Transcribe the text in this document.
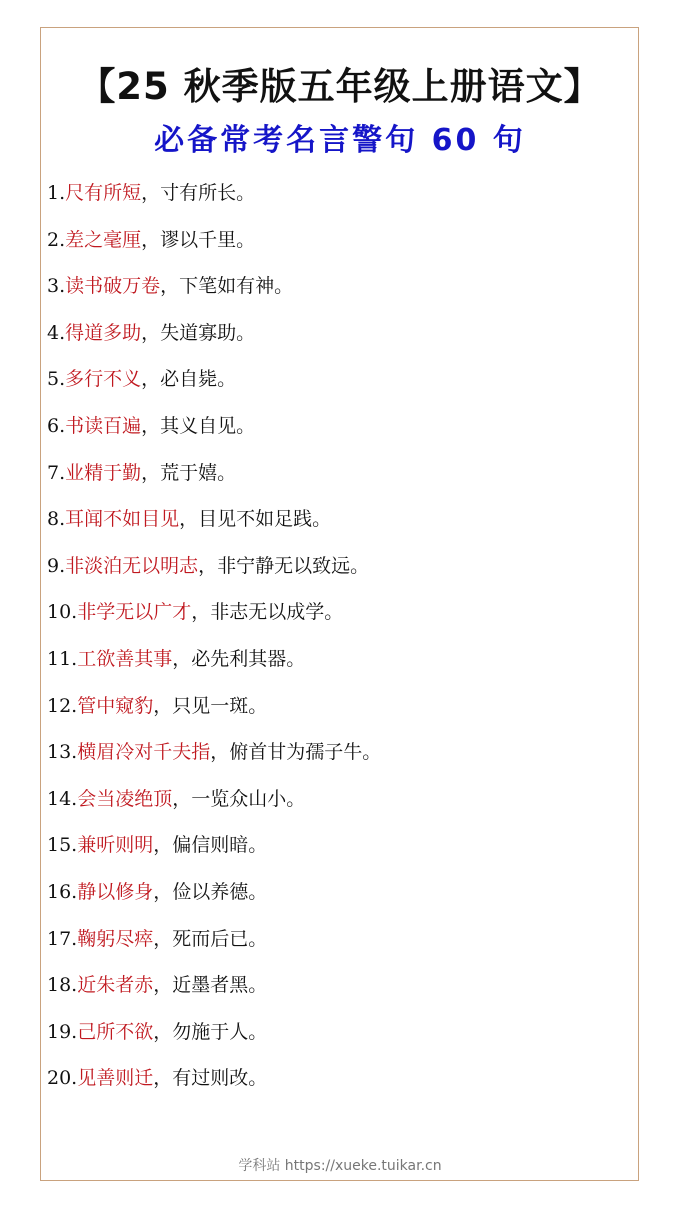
【25 秋季版五年级上册语文】
必备常考名言警句 60 句
1.尺有所短，寸有所长。
2.差之毫厘，谬以千里。
3.读书破万卷，下笔如有神。
4.得道多助，失道寡助。
5.多行不义，必自毙。
6.书读百遍，其义自见。
7.业精于勤，荒于嬉。
8.耳闻不如目见，目见不如足践。
9.非淡泊无以明志，非宁静无以致远。
10.非学无以广才，非志无以成学。
11.工欲善其事，必先利其器。
12.管中窥豹，只见一斑。
13.横眉冷对千夫指，俯首甘为孺子牛。
14.会当凌绝顶，一览众山小。
15.兼听则明，偏信则暗。
16.静以修身，俭以养德。
17.鞠躬尽瘁，死而后已。
18.近朱者赤，近墨者黑。
19.己所不欲，勿施于人。
20.见善则迁，有过则改。
学科站 https://xueke.tuikar.cn
